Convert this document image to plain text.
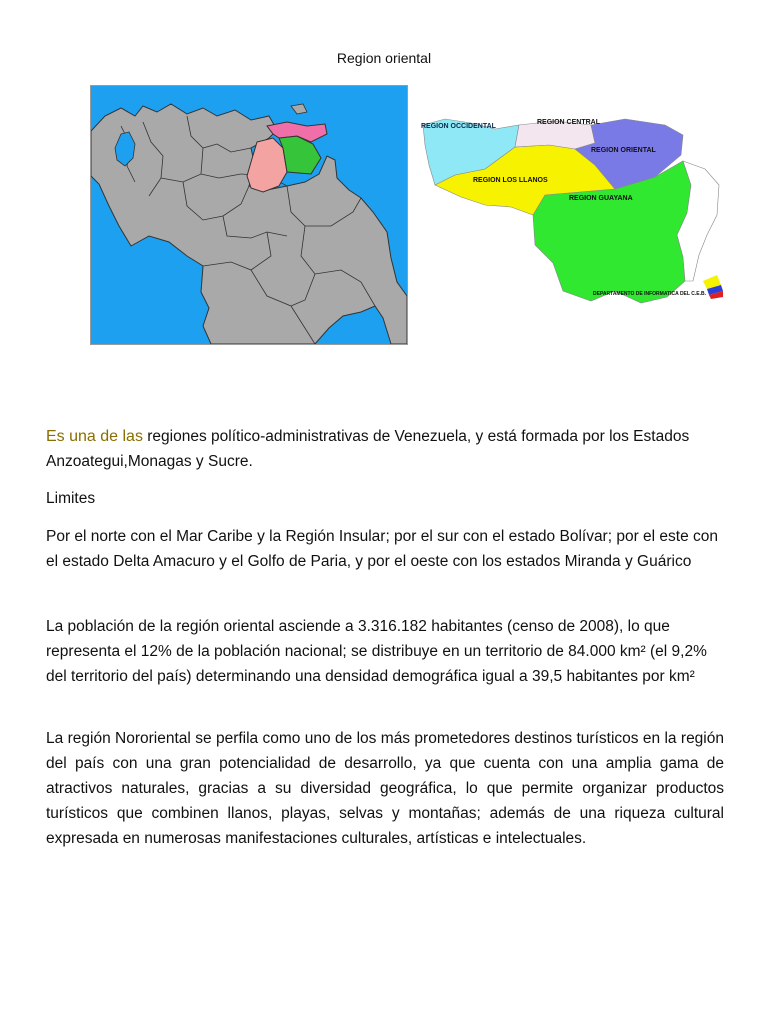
Region oriental
REGION OCCIDENTAL
REGION CENTRAL
REGION ORIENTAL
REGION LOS LLANOS
REGION GUAYANA
DEPARTAMENTO DE INFORMATICA DEL C.E.B.
Es una de las regiones político-administrativas de Venezuela, y está formada por los Estados Anzoategui,Monagas y Sucre.
Limites
Por el norte con el Mar Caribe y la Región Insular; por el sur con el estado Bolívar; por el este con el estado Delta Amacuro y el Golfo de Paria, y por el oeste con los estados Miranda y Guárico
La población de la región oriental asciende a 3.316.182 habitantes (censo de 2008), lo que representa el 12% de la población nacional; se distribuye en un territorio de 84.000 km² (el 9,2% del territorio del país) determinando una densidad demográfica igual a 39,5 habitantes por km²
La región Nororiental se perfila como uno de los más prometedores destinos turísticos en la región del país con una gran potencialidad de desarrollo, ya que cuenta con una amplia gama de atractivos naturales, gracias a su diversidad geográfica, lo que permite organizar productos turísticos que combinen llanos, playas, selvas y montañas; además de una riqueza cultural expresada en numerosas manifestaciones culturales, artísticas e intelectuales.
